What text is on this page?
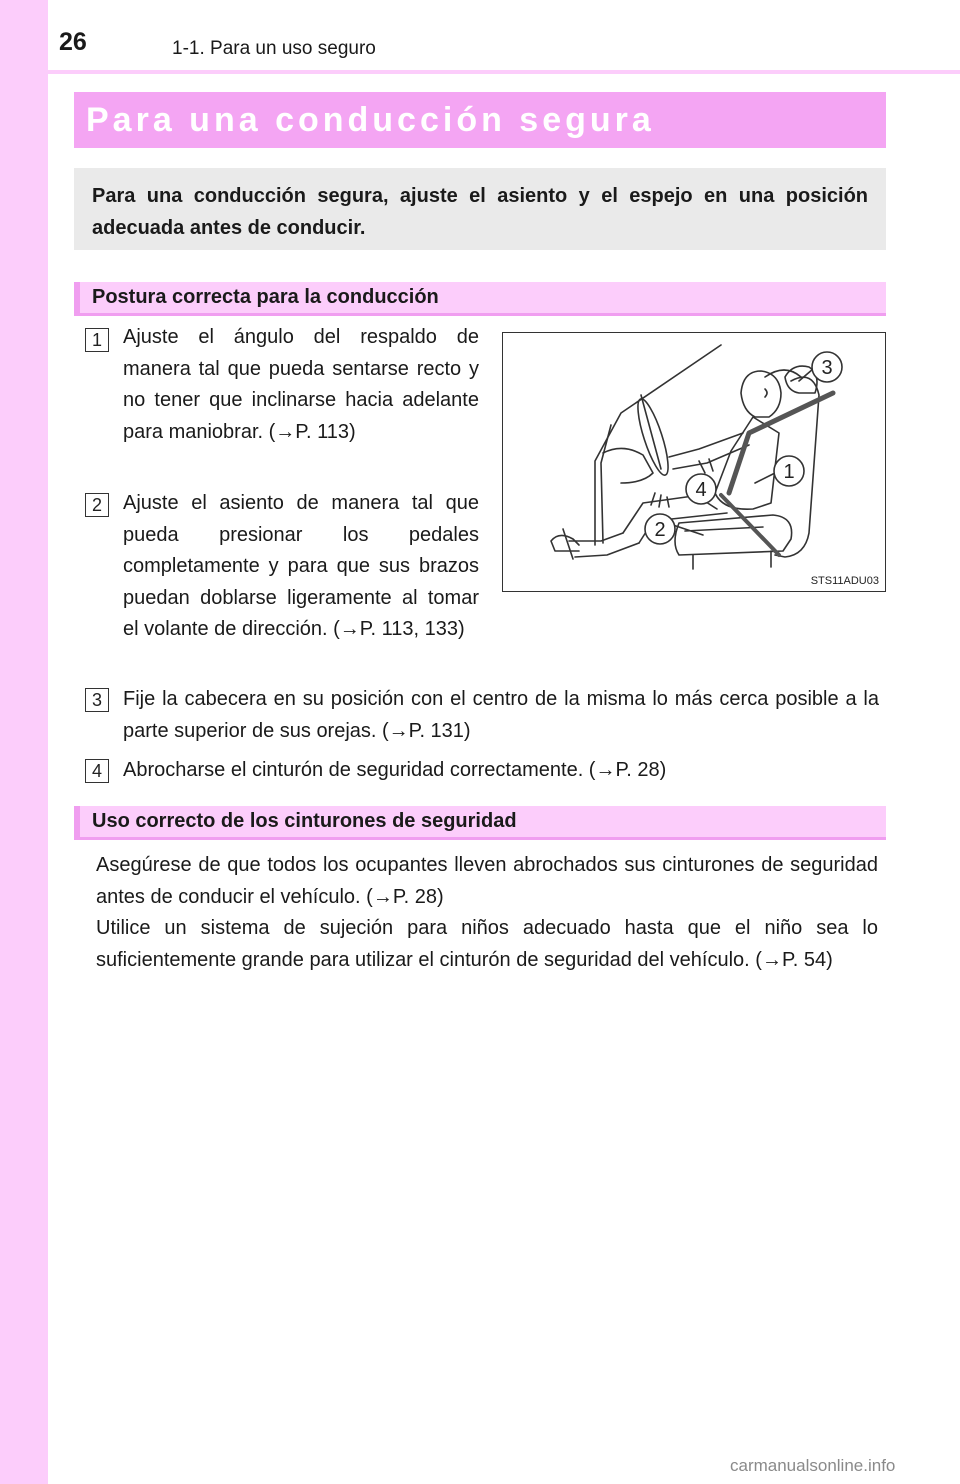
26	1-1. Para un uso seguro
Para una conducción segura
Para una conducción segura, ajuste el asiento y el espejo en una posición adecuada antes de conducir.
Postura correcta para la conducción
1	Ajuste el ángulo del respaldo de manera tal que pueda sentarse recto y no tener que inclinarse hacia adelante para maniobrar. (→P. 113)
2	Ajuste el asiento de manera tal que pueda presionar los pedales completamente y para que sus brazos puedan doblarse ligeramente al tomar el volante de dirección. (→P. 113, 133)
3	Fije la cabecera en su posición con el centro de la misma lo más cerca posible a la parte superior de sus orejas. (→P. 131)
4	Abrocharse el cinturón de seguridad correctamente. (→P. 28)
3
1
4
2
STS11ADU03
Uso correcto de los cinturones de seguridad
Asegúrese de que todos los ocupantes lleven abrochados sus cinturones de seguridad antes de conducir el vehículo. (→P. 28)
Utilice un sistema de sujeción para niños adecuado hasta que el niño sea lo suficientemente grande para utilizar el cinturón de seguridad del vehículo. (→P. 54)
carmanualsonline.info
